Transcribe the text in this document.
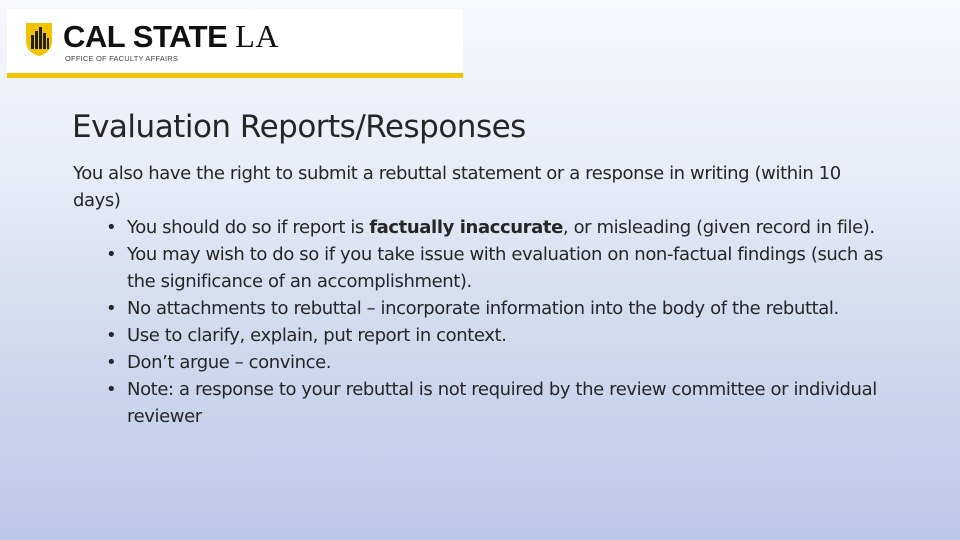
CAL STATE LA
OFFICE OF FACULTY AFFAIRS
Evaluation Reports/Responses

You also have the right to submit a rebuttal statement or a response in writing (within 10 days)

• You should do so if report is factually inaccurate, or misleading (given record in file).
• You may wish to do so if you take issue with evaluation on non-factual findings (such as the significance of an accomplishment).
• No attachments to rebuttal – incorporate information into the body of the rebuttal.
• Use to clarify, explain, put report in context.
• Don’t argue – convince.
• Note: a response to your rebuttal is not required by the review committee or individual reviewer
